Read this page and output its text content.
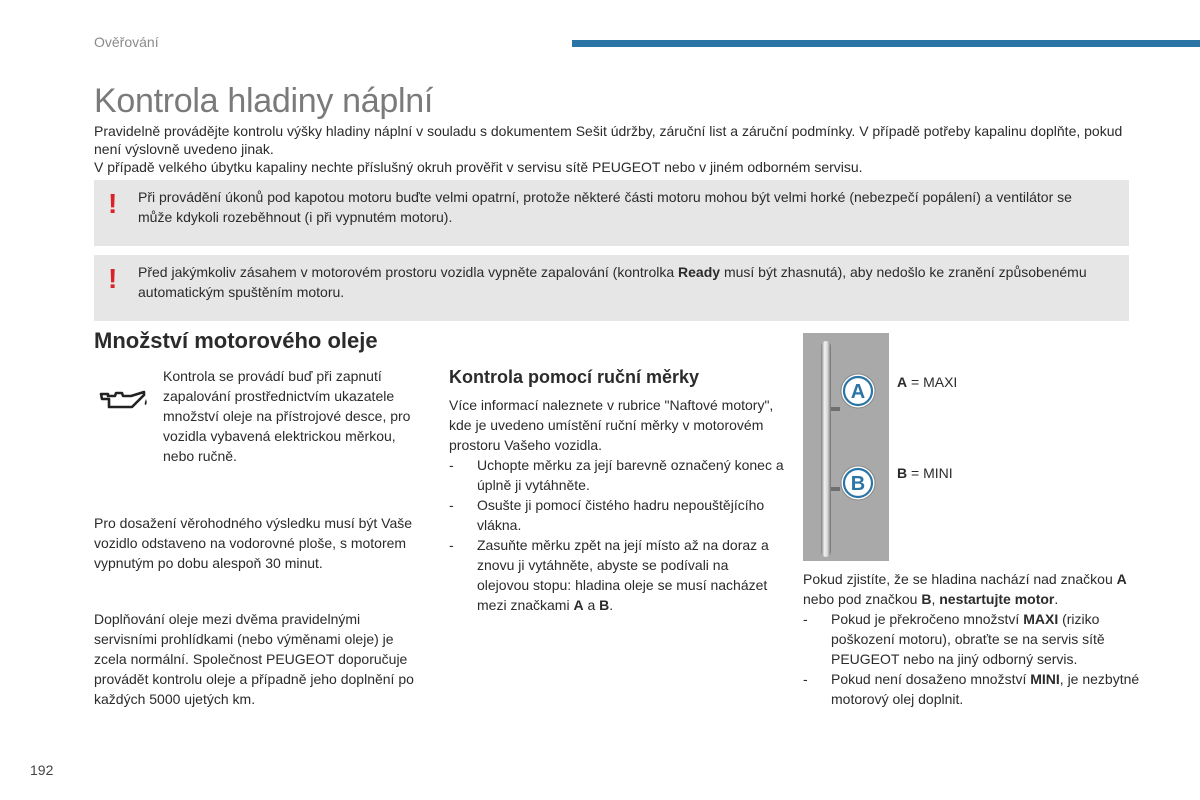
Ověřování
Kontrola hladiny náplní

Pravidelně provádějte kontrolu výšky hladiny náplní v souladu s dokumentem Sešit údržby, záruční list a záruční podmínky. V případě potřeby kapalinu doplňte, pokud není výslovně uvedeno jinak.

V případě velkého úbytku kapaliny nechte příslušný okruh prověřit v servisu sítě PEUGEOT nebo v jiném odborném servisu.

! Při provádění úkonů pod kapotou motoru buďte velmi opatrní, protože některé části motoru mohou být velmi horké (nebezpečí popálení) a ventilátor se může kdykoli rozeběhnout (i při vypnutém motoru).
! Před jakýmkoliv zásahem v motorovém prostoru vozidla vypněte zapalování (kontrolka Ready musí být zhasnutá), aby nedošlo ke zranění způsobenému automatickým spuštěním motoru.
Množství motorového oleje

Kontrola se provádí buď při zapnutí zapalování prostřednictvím ukazatele množství oleje na přístrojové desce, pro vozidla vybavená elektrickou měrkou, nebo ručně.

Pro dosažení věrohodného výsledku musí být Vaše vozidlo odstaveno na vodorovné ploše, s motorem vypnutým po dobu alespoň 30 minut.

Doplňování oleje mezi dvěma pravidelnými servisními prohlídkami (nebo výměnami oleje) je zcela normální. Společnost PEUGEOT doporučuje provádět kontrolu oleje a případně jeho doplnění po každých 5000 ujetých km.

Kontrola pomocí ruční měrky

Více informací naleznete v rubrice "Naftové motory", kde je uvedeno umístění ruční měrky v motorovém prostoru Vašeho vozidla.

- Uchopte měrku za její barevně označený konec a úplně ji vytáhněte.
- Osušte ji pomocí čistého hadru nepouštějícího vlákna.
- Zasuňte měrku zpět na její místo až na doraz a znovu ji vytáhněte, abyste se podívali na olejovou stopu: hladina oleje se musí nacházet mezi značkami A a B.
A
B
A = MAXI
B = MINI

Pokud zjistíte, že se hladina nachází nad značkou A nebo pod značkou B, nestartujte motor.

- Pokud je překročeno množství MAXI (riziko poškození motoru), obraťte se na servis sítě PEUGEOT nebo na jiný odborný servis.
- Pokud není dosaženo množství MINI, je nezbytné motorový olej doplnit.
192
